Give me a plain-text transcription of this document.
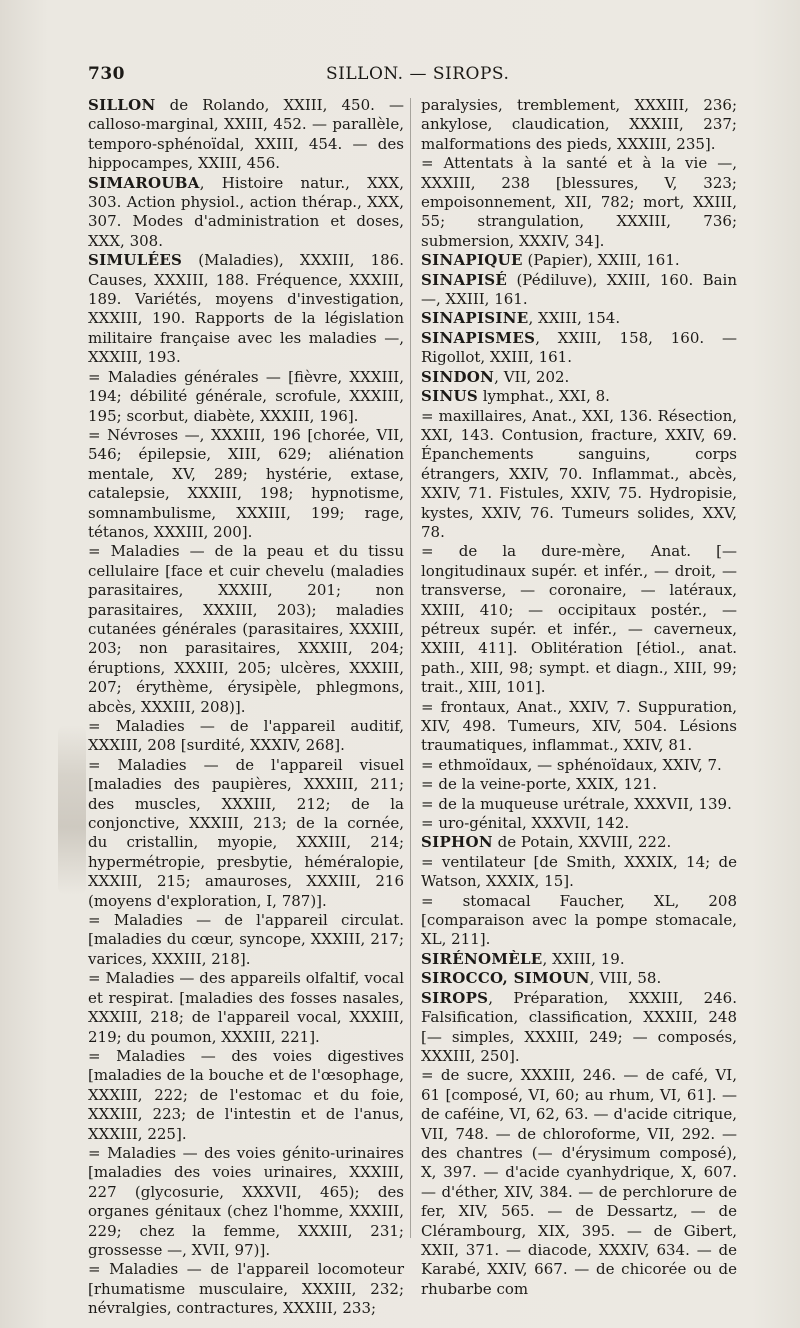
730	SILLON. — SIROPS.

SILLON de Rolando, XXIII, 450. — calloso-marginal, XXIII, 452. — parallèle, temporo-sphénoïdal, XXIII, 454. — des hippocampes, XXIII, 456.

SIMAROUBA, Histoire natur., XXX, 303. Action physiol., action thérap., XXX, 307. Modes d'administration et doses, XXX, 308.

SIMULÉES (Maladies), XXXIII, 186. Causes, XXXIII, 188. Fréquence, XXXIII, 189. Variétés, moyens d'investigation, XXXIII, 190. Rapports de la législation militaire française avec les maladies —, XXXIII, 193.

= Maladies générales — [fièvre, XXXIII, 194; débilité générale, scrofule, XXXIII, 195; scorbut, diabète, XXXIII, 196].

= Névroses —, XXXIII, 196 [chorée, VII, 546; épilepsie, XIII, 629; aliénation mentale, XV, 289; hystérie, extase, catalepsie, XXXIII, 198; hypnotisme, somnambulisme, XXXIII, 199; rage, tétanos, XXXIII, 200].

= Maladies — de la peau et du tissu cellulaire [face et cuir chevelu (maladies parasitaires, XXXIII, 201; non parasitaires, XXXIII, 203); maladies cutanées générales (parasitaires, XXXIII, 203; non parasitaires, XXXIII, 204; éruptions, XXXIII, 205; ulcères, XXXIII, 207; érythème, érysipèle, phlegmons, abcès, XXXIII, 208)].

= Maladies — de l'appareil auditif, XXXIII, 208 [surdité, XXXIV, 268].

= Maladies — de l'appareil visuel [maladies des paupières, XXXIII, 211; des muscles, XXXIII, 212; de la conjonctive, XXXIII, 213; de la cornée, du cristallin, myopie, XXXIII, 214; hypermétropie, presbytie, héméralopie, XXXIII, 215; amauroses, XXXIII, 216 (moyens d'exploration, I, 787)].

= Maladies — de l'appareil circulat. [maladies du cœur, syncope, XXXIII, 217; varices, XXXIII, 218].

= Maladies — des appareils olfaltif, vocal et respirat. [maladies des fosses nasales, XXXIII, 218; de l'appareil vocal, XXXIII, 219; du poumon, XXXIII, 221].

= Maladies — des voies digestives [maladies de la bouche et de l'œsophage, XXXIII, 222; de l'estomac et du foie, XXXIII, 223; de l'intestin et de l'anus, XXXIII, 225].

= Maladies — des voies génito-urinaires [maladies des voies urinaires, XXXIII, 227 (glycosurie, XXXVII, 465); des organes génitaux (chez l'homme, XXXIII, 229; chez la femme, XXXIII, 231; grossesse —, XVII, 97)].

= Maladies — de l'appareil locomoteur [rhumatisme musculaire, XXXIII, 232; névralgies, contractures, XXXIII, 233;

paralysies, tremblement, XXXIII, 236; ankylose, claudication, XXXIII, 237; malformations des pieds, XXXIII, 235].

= Attentats à la santé et à la vie —, XXXIII, 238 [blessures, V, 323; empoisonnement, XII, 782; mort, XXIII, 55; strangulation, XXXIII, 736; submersion, XXXIV, 34].

SINAPIQUE (Papier), XXIII, 161.

SINAPISÉ (Pédiluve), XXIII, 160. Bain —, XXIII, 161.

SINAPISINE, XXIII, 154.

SINAPISMES, XXIII, 158, 160. — Rigollot, XXIII, 161.

SINDON, VII, 202.

SINUS lymphat., XXI, 8.

= maxillaires, Anat., XXI, 136. Résection, XXI, 143. Contusion, fracture, XXIV, 69. Épanchements sanguins, corps étrangers, XXIV, 70. Inflammat., abcès, XXIV, 71. Fistules, XXIV, 75. Hydropisie, kystes, XXIV, 76. Tumeurs solides, XXV, 78.

= de la dure-mère, Anat. [— longitudinaux supér. et infér., — droit, — transverse, — coronaire, — latéraux, XXIII, 410; — occipitaux postér., — pétreux supér. et infér., — caverneux, XXIII, 411]. Oblitération [étiol., anat. path., XIII, 98; sympt. et diagn., XIII, 99; trait., XIII, 101].

= frontaux, Anat., XXIV, 7. Suppuration, XIV, 498. Tumeurs, XIV, 504. Lésions traumatiques, inflammat., XXIV, 81.

= ethmoïdaux, — sphénoïdaux, XXIV, 7.

= de la veine-porte, XXIX, 121.

= de la muqueuse urétrale, XXXVII, 139.

= uro-génital, XXXVII, 142.

SIPHON de Potain, XXVIII, 222.

= ventilateur [de Smith, XXXIX, 14; de Watson, XXXIX, 15].

= stomacal Faucher, XL, 208 [comparaison avec la pompe stomacale, XL, 211].

SIRÉNOMÈLE, XXIII, 19.

SIROCCO, SIMOUN, VIII, 58.

SIROPS, Préparation, XXXIII, 246. Falsification, classification, XXXIII, 248 [— simples, XXXIII, 249; — composés, XXXIII, 250].

= de sucre, XXXIII, 246. — de café, VI, 61 [composé, VI, 60; au rhum, VI, 61]. — de caféine, VI, 62, 63. — d'acide citrique, VII, 748. — de chloroforme, VII, 292. — des chantres (— d'érysimum composé), X, 397. — d'acide cyanhydrique, X, 607. — d'éther, XIV, 384. — de perchlorure de fer, XIV, 565. — de Dessartz, — de Clérambourg, XIX, 395. — de Gibert, XXII, 371. — diacode, XXXIV, 634. — de Karabé, XXIV, 667. — de chicorée ou de rhubarbe com
